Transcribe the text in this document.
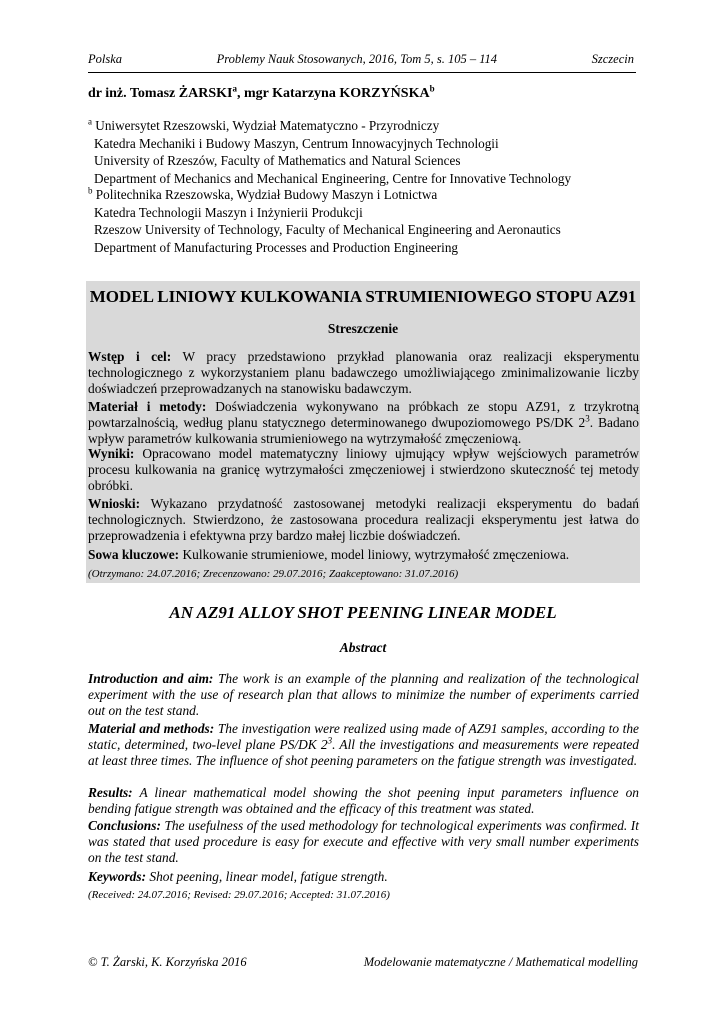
Polska	Problemy Nauk Stosowanych, 2016, Tom 5, s. 105 – 114	Szczecin
dr inż. Tomasz ŻARSKI$^a$, mgr Katarzyna KORZYŃSKA$^b$
$^a$ Uniwersytet Rzeszowski, Wydział Matematyczno - Przyrodniczy
Katedra Mechaniki i Budowy Maszyn, Centrum Innowacyjnych Technologii
University of Rzeszów, Faculty of Mathematics and Natural Sciences
Department of Mechanics and Mechanical Engineering, Centre for Innovative Technology
$^b$ Politechnika Rzeszowska, Wydział Budowy Maszyn i Lotnictwa
Katedra Technologii Maszyn i Inżynierii Produkcji
Rzeszow University of Technology, Faculty of Mechanical Engineering and Aeronautics
Department of Manufacturing Processes and Production Engineering
MODEL LINIOWY KULKOWANIA STRUMIENIOWEGO STOPU AZ91
Streszczenie
Wstęp i cel: W pracy przedstawiono przykład planowania oraz realizacji eksperymentu technologicznego z wykorzystaniem planu badawczego umożliwiającego zminimalizowanie liczby doświadczeń przeprowadzanych na stanowisku badawczym.
Materiał i metody: Doświadczenia wykonywano na próbkach ze stopu AZ91, z trzykrotną powtarzalnością, według planu statycznego determinowanego dwupoziomowego PS/DK $2^3$. Badano wpływ parametrów kulkowania strumieniowego na wytrzymałość zmęczeniową.
Wyniki: Opracowano model matematyczny liniowy ujmujący wpływ wejściowych parametrów procesu kulkowania na granicę wytrzymałości zmęczeniowej i stwierdzono skuteczność tej metody obróbki.
Wnioski: Wykazano przydatność zastosowanej metodyki realizacji eksperymentu do badań technologicznych. Stwierdzono, że zastosowana procedura realizacji eksperymentu jest łatwa do przeprowadzenia i efektywna przy bardzo małej liczbie doświadczeń.
Sowa kluczowe: Kulkowanie strumieniowe, model liniowy, wytrzymałość zmęczeniowa.
(Otrzymano: 24.07.2016; Zrecenzowano: 29.07.2016; Zaakceptowano: 31.07.2016)
AN AZ91 ALLOY SHOT PEENING LINEAR MODEL
Abstract
Introduction and aim: The work is an example of the planning and realization of the technological experiment with the use of research plan that allows to minimize the number of experiments carried out on the test stand.
Material and methods: The investigation were realized using made of AZ91 samples, according to the static, determined, two-level plane PS/DK $2^3$. All the investigations and measurements were repeated at least three times. The influence of shot peening parameters on the fatigue strength was investigated.
Results: A linear mathematical model showing the shot peening input parameters influence on bending fatigue strength was obtained and the efficacy of this treatment was stated.
Conclusions: The usefulness of the used methodology for technological experiments was confirmed. It was stated that used procedure is easy for execute and effective with very small number experiments on the test stand.
Keywords: Shot peening, linear model, fatigue strength.
(Received: 24.07.2016; Revised: 29.07.2016; Accepted: 31.07.2016)
© T. Żarski, K. Korzyńska 2016	Modelowanie matematyczne / Mathematical modelling
